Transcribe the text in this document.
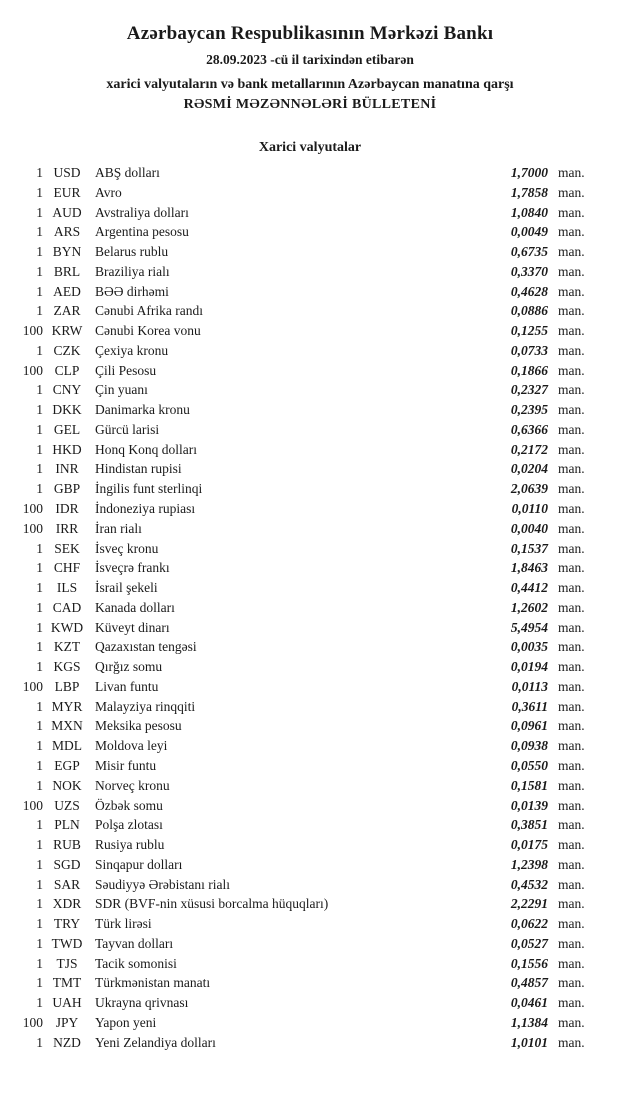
Azərbaycan Respublikasının Mərkəzi Bankı
28.09.2023 -cü il tarixindən etibarən
xarici valyutaların və bank metallarının Azərbaycan manatına qarşı
RƏSMİ MƏZƏNNƏLƏRİ BÜLLETENİ
Xarici valyutalar
1 USD	ABŞ dolları	1,7000 man.
1 EUR	Avro	1,7858 man.
1 AUD Avstraliya dolları	1,0840 man.
1 ARS	Argentina pesosu	0,0049 man.
1 BYN	Belarus rublu	0,6735 man.
1 BRL	Braziliya rialı	0,3370 man.
1 AED	BƏƏ dirhəmi	0,4628 man.
1 ZAR	Cənubi Afrika randı	0,0886 man.
100 KRW Cənubi Korea vonu	0,1255 man.
1 CZK	Çexiya kronu	0,0733 man.
100 CLP	Çili Pesosu	0,1866 man.
1 CNY	Çin yuanı	0,2327 man.
1 DKK Danimarka kronu	0,2395 man.
1 GEL	Gürcü larisi	0,6366 man.
1 HKD Honq Konq dolları	0,2172 man.
1 INR	Hindistan rupisi	0,0204 man.
1 GBP	İngilis funt sterlinqi	2,0639 man.
100 IDR	İndoneziya rupiası	0,0110 man.
100 IRR	İran rialı	0,0040 man.
1 SEK	İsveç kronu	0,1537 man.
1 CHF	İsveçrə frankı	1,8463 man.
1	ILS	İsrail şekeli	0,4412 man.
1 CAD	Kanada dolları	1,2602 man.
1 KWD Küveyt dinarı	5,4954 man.
1 KZT	Qazaxıstan tengəsi	0,0035 man.
1 KGS	Qırğız somu	0,0194 man.
100 LBP	Livan funtu	0,0113 man.
1 MYR Malayziya rinqqiti	0,3611 man.
1 MXN Meksika pesosu	0,0961 man.
1 MDL Moldova leyi	0,0938 man.
1 EGP	Misir funtu	0,0550 man.
1 NOK Norveç kronu	0,1581 man.
100 UZS	Özbək somu	0,0139 man.
1 PLN	Polşa zlotası	0,3851 man.
1 RUB	Rusiya rublu	0,0175 man.
1 SGD	Sinqapur dolları	1,2398 man.
1 SAR	Səudiyyə Ərəbistanı rialı	0,4532 man.
1 XDR	SDR (BVF-nin xüsusi borcalma hüquqları)	2,2291 man.
1 TRY	Türk lirəsi	0,0622 man.
1 TWD Tayvan dolları	0,0527 man.
1 TJS	Tacik somonisi	0,1556 man.
1 TMT	Türkmənistan manatı	0,4857 man.
1 UAH Ukrayna qrivnası	0,0461 man.
100 JPY	Yapon yeni	1,1384 man.
1 NZD	Yeni Zelandiya dolları	1,0101 man.
